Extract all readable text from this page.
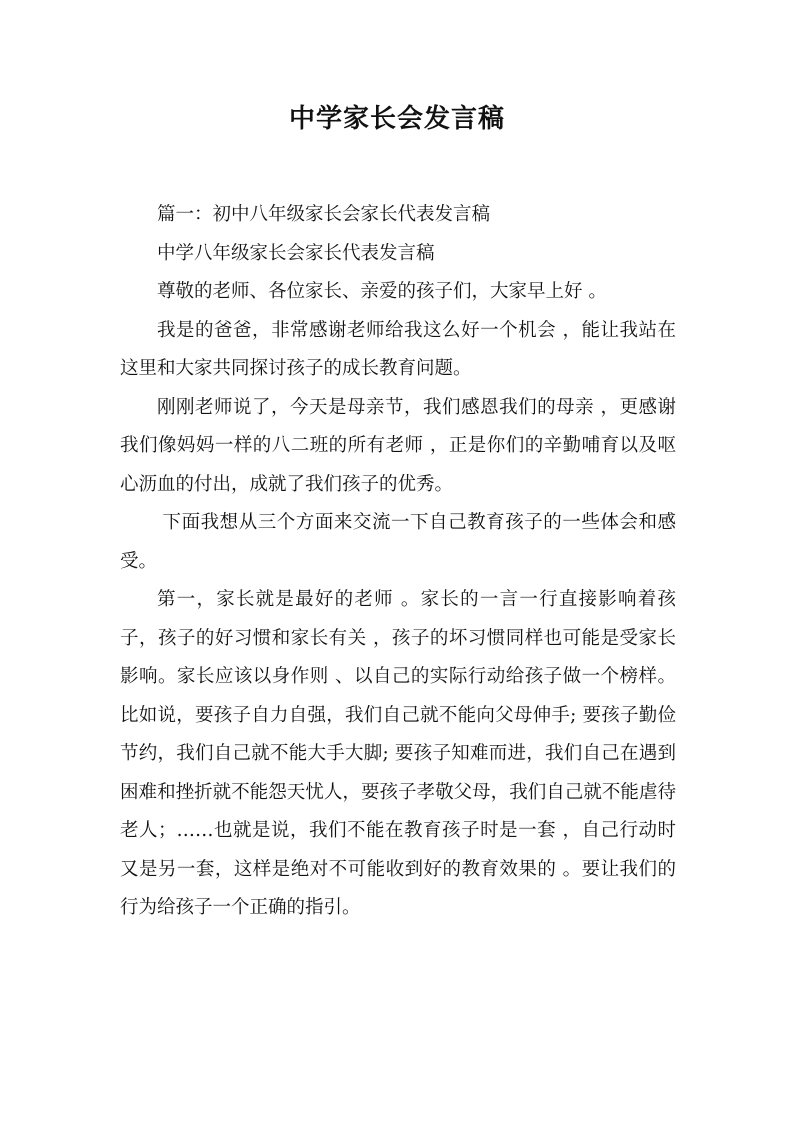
中学家长会发言稿

篇一：初中八年级家长会家长代表发言稿

中学八年级家长会家长代表发言稿

尊敬的老师、各位家长、亲爱的孩子们，大家早上好 。

我是的爸爸，非常感谢老师给我这么好一个机会 ，能让我站在这里和大家共同探讨孩子的成长教育问题。

刚刚老师说了，今天是母亲节，我们感恩我们的母亲 ，更感谢我们像妈妈一样的八二班的所有老师 ，正是你们的辛勤哺育以及呕心沥血的付出，成就了我们孩子的优秀。

下面我想从三个方面来交流一下自己教育孩子的一些体会和感受。

第一，家长就是最好的老师 。家长的一言一行直接影响着孩子，孩子的好习惯和家长有关 ，孩子的坏习惯同样也可能是受家长影响。家长应该以身作则 、以自己的实际行动给孩子做一个榜样。比如说，要孩子自力自强，我们自己就不能向父母伸手; 要孩子勤俭节约，我们自己就不能大手大脚; 要孩子知难而进，我们自己在遇到困难和挫折就不能怨天忧人，要孩子孝敬父母，我们自己就不能虐待老人；……也就是说，我们不能在教育孩子时是一套 ，自己行动时又是另一套，这样是绝对不可能收到好的教育效果的 。要让我们的行为给孩子一个正确的指引。
